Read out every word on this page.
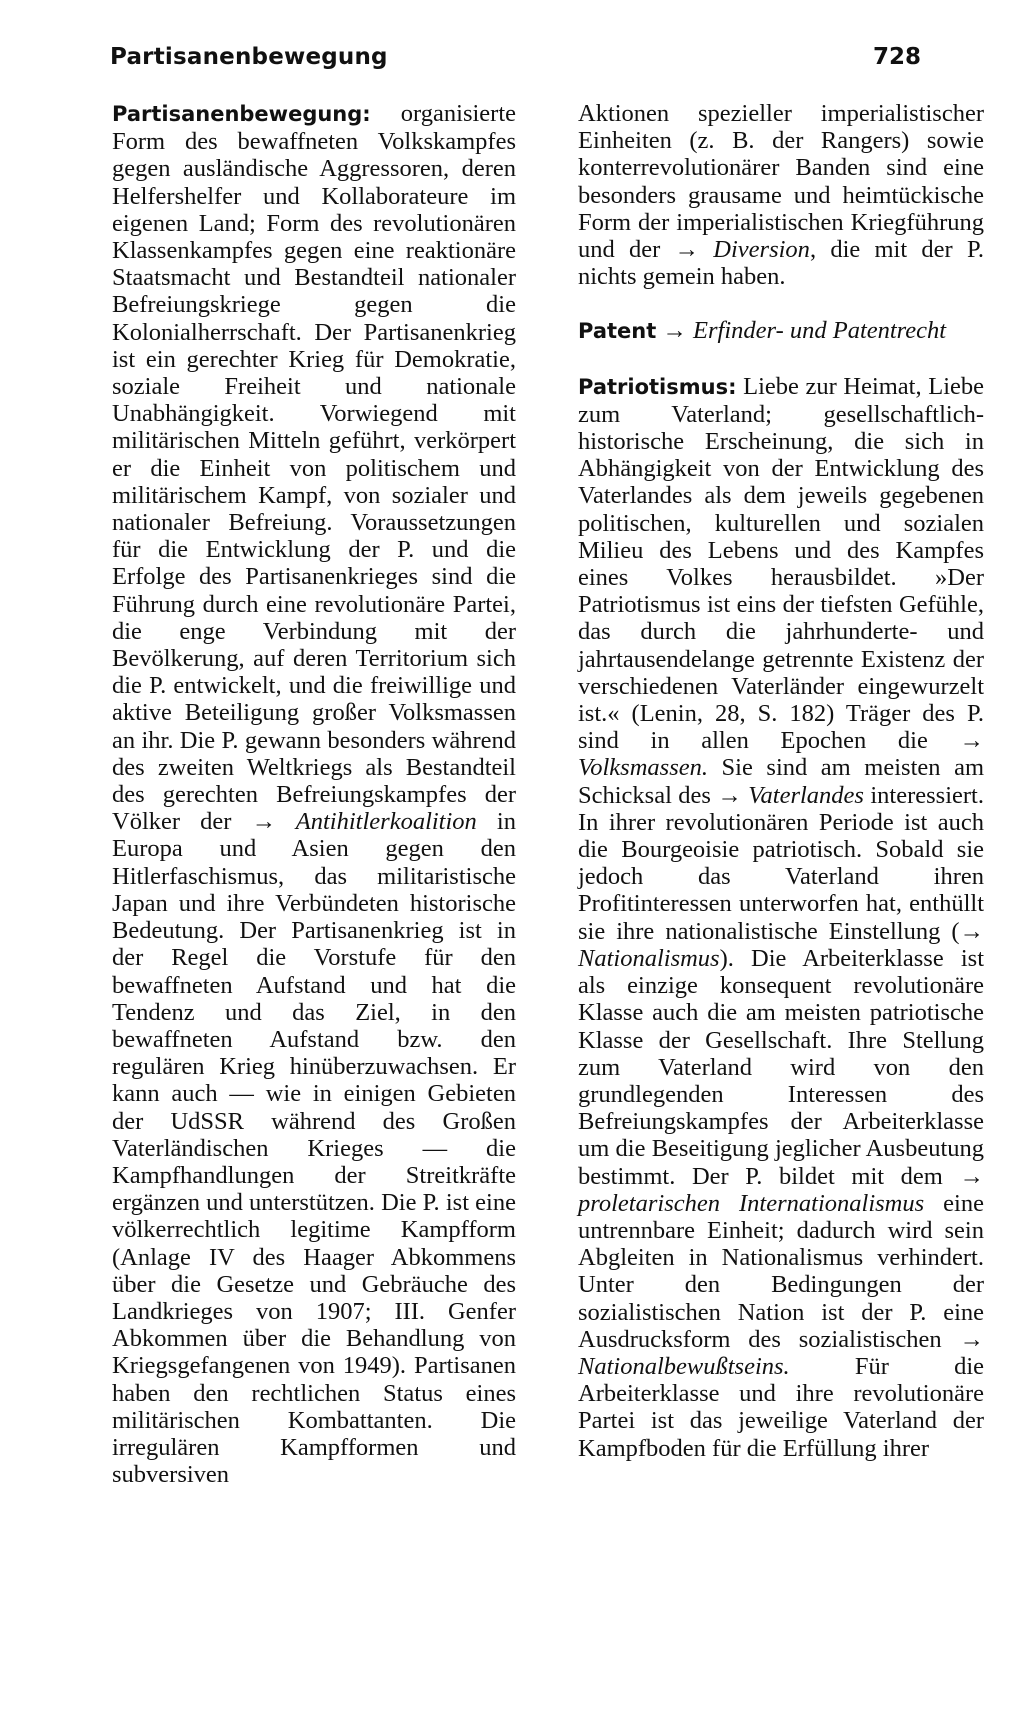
Partisanenbewegung	728

Partisanenbewegung: organisierte Form des bewaffneten Volkskampfes gegen ausländische Aggressoren, deren Helfershelfer und Kollaborateure im eigenen Land; Form des revolutionären Klassenkampfes gegen eine reaktionäre Staatsmacht und Bestandteil nationaler Befreiungskriege gegen die Kolonialherrschaft. Der Partisanenkrieg ist ein gerechter Krieg für Demokratie, soziale Freiheit und nationale Unabhängigkeit. Vorwiegend mit militärischen Mitteln geführt, verkörpert er die Einheit von politischem und militärischem Kampf, von sozialer und nationaler Befreiung. Voraussetzungen für die Entwicklung der P. und die Erfolge des Partisanenkrieges sind die Führung durch eine revolutionäre Partei, die enge Verbindung mit der Bevölkerung, auf deren Territorium sich die P. entwickelt, und die freiwillige und aktive Beteiligung großer Volksmassen an ihr. Die P. gewann besonders während des zweiten Weltkriegs als Bestandteil des gerechten Befreiungskampfes der Völker der → Antihitlerkoalition in Europa und Asien gegen den Hitlerfaschismus, das militaristische Japan und ihre Verbündeten historische Bedeutung. Der Partisanenkrieg ist in der Regel die Vorstufe für den bewaffneten Aufstand und hat die Tendenz und das Ziel, in den bewaffneten Aufstand bzw. den regulären Krieg hinüberzuwachsen. Er kann auch — wie in einigen Gebieten der UdSSR während des Großen Vaterländischen Krieges — die Kampfhandlungen der Streitkräfte ergänzen und unterstützen. Die P. ist eine völkerrechtlich legitime Kampfform (Anlage IV des Haager Abkommens über die Gesetze und Gebräuche des Landkrieges von 1907; III. Genfer Abkommen über die Behandlung von Kriegsgefangenen von 1949). Partisanen haben den rechtlichen Status eines militärischen Kombattanten. Die irregulären Kampfformen und subversiven

Aktionen spezieller imperialistischer Einheiten (z. B. der Rangers) sowie konterrevolutionärer Banden sind eine besonders grausame und heimtückische Form der imperialistischen Kriegführung und der → Diversion, die mit der P. nichts gemein haben.

Patent → Erfinder- und Patentrecht

Patriotismus: Liebe zur Heimat, Liebe zum Vaterland; gesellschaftlich-historische Erscheinung, die sich in Abhängigkeit von der Entwicklung des Vaterlandes als dem jeweils gegebenen politischen, kulturellen und sozialen Milieu des Lebens und des Kampfes eines Volkes herausbildet. »Der Patriotismus ist eins der tiefsten Gefühle, das durch die jahrhunderte- und jahrtausendelange getrennte Existenz der verschiedenen Vaterländer eingewurzelt ist.« (Lenin, 28, S. 182) Träger des P. sind in allen Epochen die → Volksmassen. Sie sind am meisten am Schicksal des → Vaterlandes interessiert. In ihrer revolutionären Periode ist auch die Bourgeoisie patriotisch. Sobald sie jedoch das Vaterland ihren Profitinteressen unterworfen hat, enthüllt sie ihre nationalistische Einstellung (→ Nationalismus). Die Arbeiterklasse ist als einzige konsequent revolutionäre Klasse auch die am meisten patriotische Klasse der Gesellschaft. Ihre Stellung zum Vaterland wird von den grundlegenden Interessen des Befreiungskampfes der Arbeiterklasse um die Beseitigung jeglicher Ausbeutung bestimmt. Der P. bildet mit dem → proletarischen Internationalismus eine untrennbare Einheit; dadurch wird sein Abgleiten in Nationalismus verhindert. Unter den Bedingungen der sozialistischen Nation ist der P. eine Ausdrucksform des sozialistischen → Nationalbewußtseins. Für die Arbeiterklasse und ihre revolutionäre Partei ist das jeweilige Vaterland der Kampfboden für die Erfüllung ihrer
